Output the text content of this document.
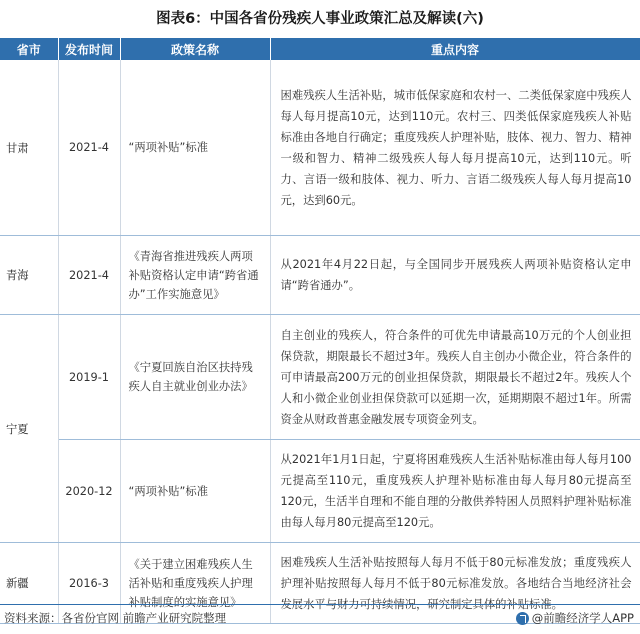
图表6：中国各省份残疾人事业政策汇总及解读(六)
省市	发布时间	政策名称	重点内容
甘肃	2021-4	“两项补贴”标准	困难残疾人生活补贴，城市低保家庭和农村一、二类低保家庭中残疾人每人每月提高10元，达到110元。农村三、四类低保家庭残疾人补贴标准由各地自行确定；重度残疾人护理补贴，肢体、视力、智力、精神一级和智力、精神二级残疾人每人每月提高10元，达到110元。听力、言语一级和肢体、视力、听力、言语二级残疾人每人每月提高10元，达到60元。
青海	2021-4	《青海省推进残疾人两项补贴资格认定申请“跨省通办”工作实施意见》	从2021年4月22日起，与全国同步开展残疾人两项补贴资格认定申请“跨省通办”。
宁夏	2019-1	《宁夏回族自治区扶持残疾人自主就业创业办法》	自主创业的残疾人，符合条件的可优先申请最高10万元的个人创业担保贷款，期限最长不超过3年。残疾人自主创办小微企业，符合条件的可申请最高200万元的创业担保贷款，期限最长不超过2年。残疾人个人和小微企业创业担保贷款可以延期一次，延期期限不超过1年。所需资金从财政普惠金融发展专项资金列支。
	2020-12	“两项补贴”标准	从2021年1月1日起，宁夏将困难残疾人生活补贴标准由每人每月100元提高至110元，重度残疾人护理补贴标准由每人每月80元提高至120元，生活半自理和不能自理的分散供养特困人员照料护理补贴标准由每人每月80元提高至120元。
新疆	2016-3	《关于建立困难残疾人生活补贴和重度残疾人护理补贴制度的实施意见》	困难残疾人生活补贴按照每人每月不低于80元标准发放；重度残疾人护理补贴按照每人每月不低于80元标准发放。各地结合当地经济社会发展水平与财力可持续情况，研究制定具体的补贴标准。
资料来源：各省份官网 前瞻产业研究院整理	@前瞻经济学人APP
